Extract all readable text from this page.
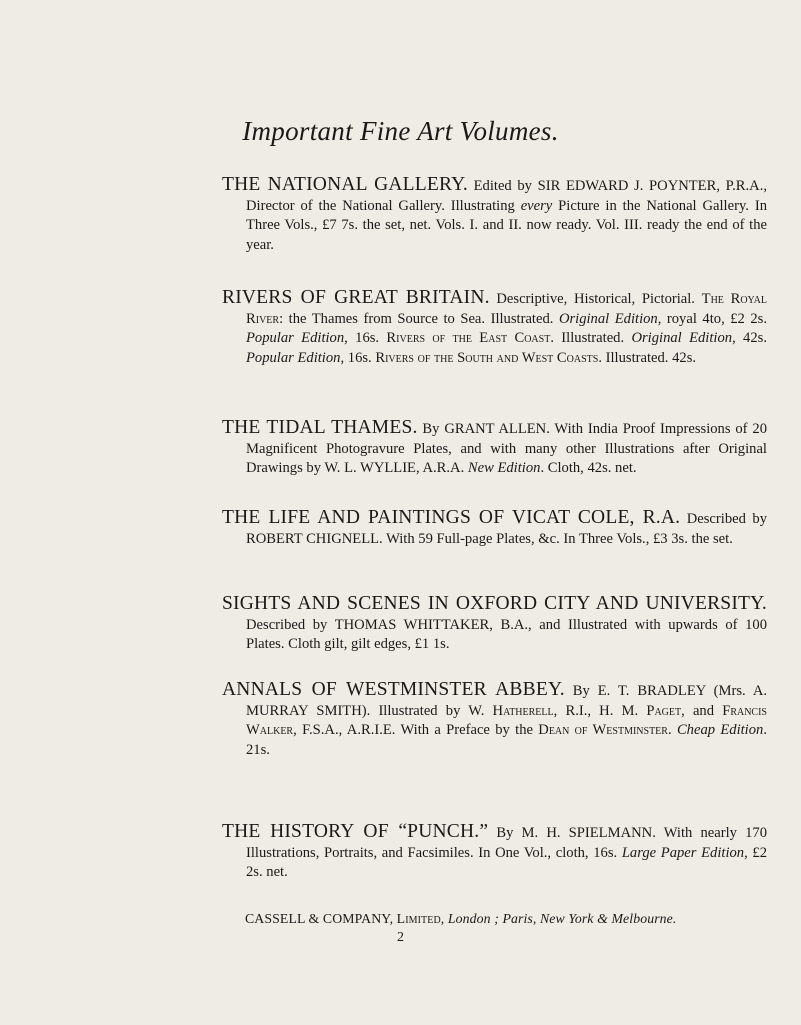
Important Fine Art Volumes.

THE NATIONAL GALLERY. Edited by SIR EDWARD J. POYNTER, P.R.A., Director of the National Gallery. Illustrating every Picture in the National Gallery. In Three Vols., £7 7s. the set, net. Vols. I. and II. now ready. Vol. III. ready the end of the year.

RIVERS OF GREAT BRITAIN. Descriptive, Historical, Pictorial. The Royal River: the Thames from Source to Sea. Illustrated. Original Edition, royal 4to, £2 2s. Popular Edition, 16s. Rivers of the East Coast. Illustrated. Original Edition, 42s. Popular Edition, 16s. Rivers of the South and West Coasts. Illustrated. 42s.

THE TIDAL THAMES. By GRANT ALLEN. With India Proof Impressions of 20 Magnificent Photogravure Plates, and with many other Illustrations after Original Drawings by W. L. WYLLIE, A.R.A. New Edition. Cloth, 42s. net.

THE LIFE AND PAINTINGS OF VICAT COLE, R.A. Described by ROBERT CHIGNELL. With 59 Full-page Plates, &c. In Three Vols., £3 3s. the set.

SIGHTS AND SCENES IN OXFORD CITY AND UNIVERSITY. Described by THOMAS WHITTAKER, B.A., and Illustrated with upwards of 100 Plates. Cloth gilt, gilt edges, £1 1s.

ANNALS OF WESTMINSTER ABBEY. By E. T. BRADLEY (Mrs. A. MURRAY SMITH). Illustrated by W. Hatherell, R.I., H. M. Paget, and Francis Walker, F.S.A., A.R.I.E. With a Preface by the Dean of Westminster. Cheap Edition. 21s.

THE HISTORY OF “PUNCH.” By M. H. SPIELMANN. With nearly 170 Illustrations, Portraits, and Facsimiles. In One Vol., cloth, 16s. Large Paper Edition, £2 2s. net.

CASSELL & COMPANY, Limited, London ; Paris, New York & Melbourne.
2
